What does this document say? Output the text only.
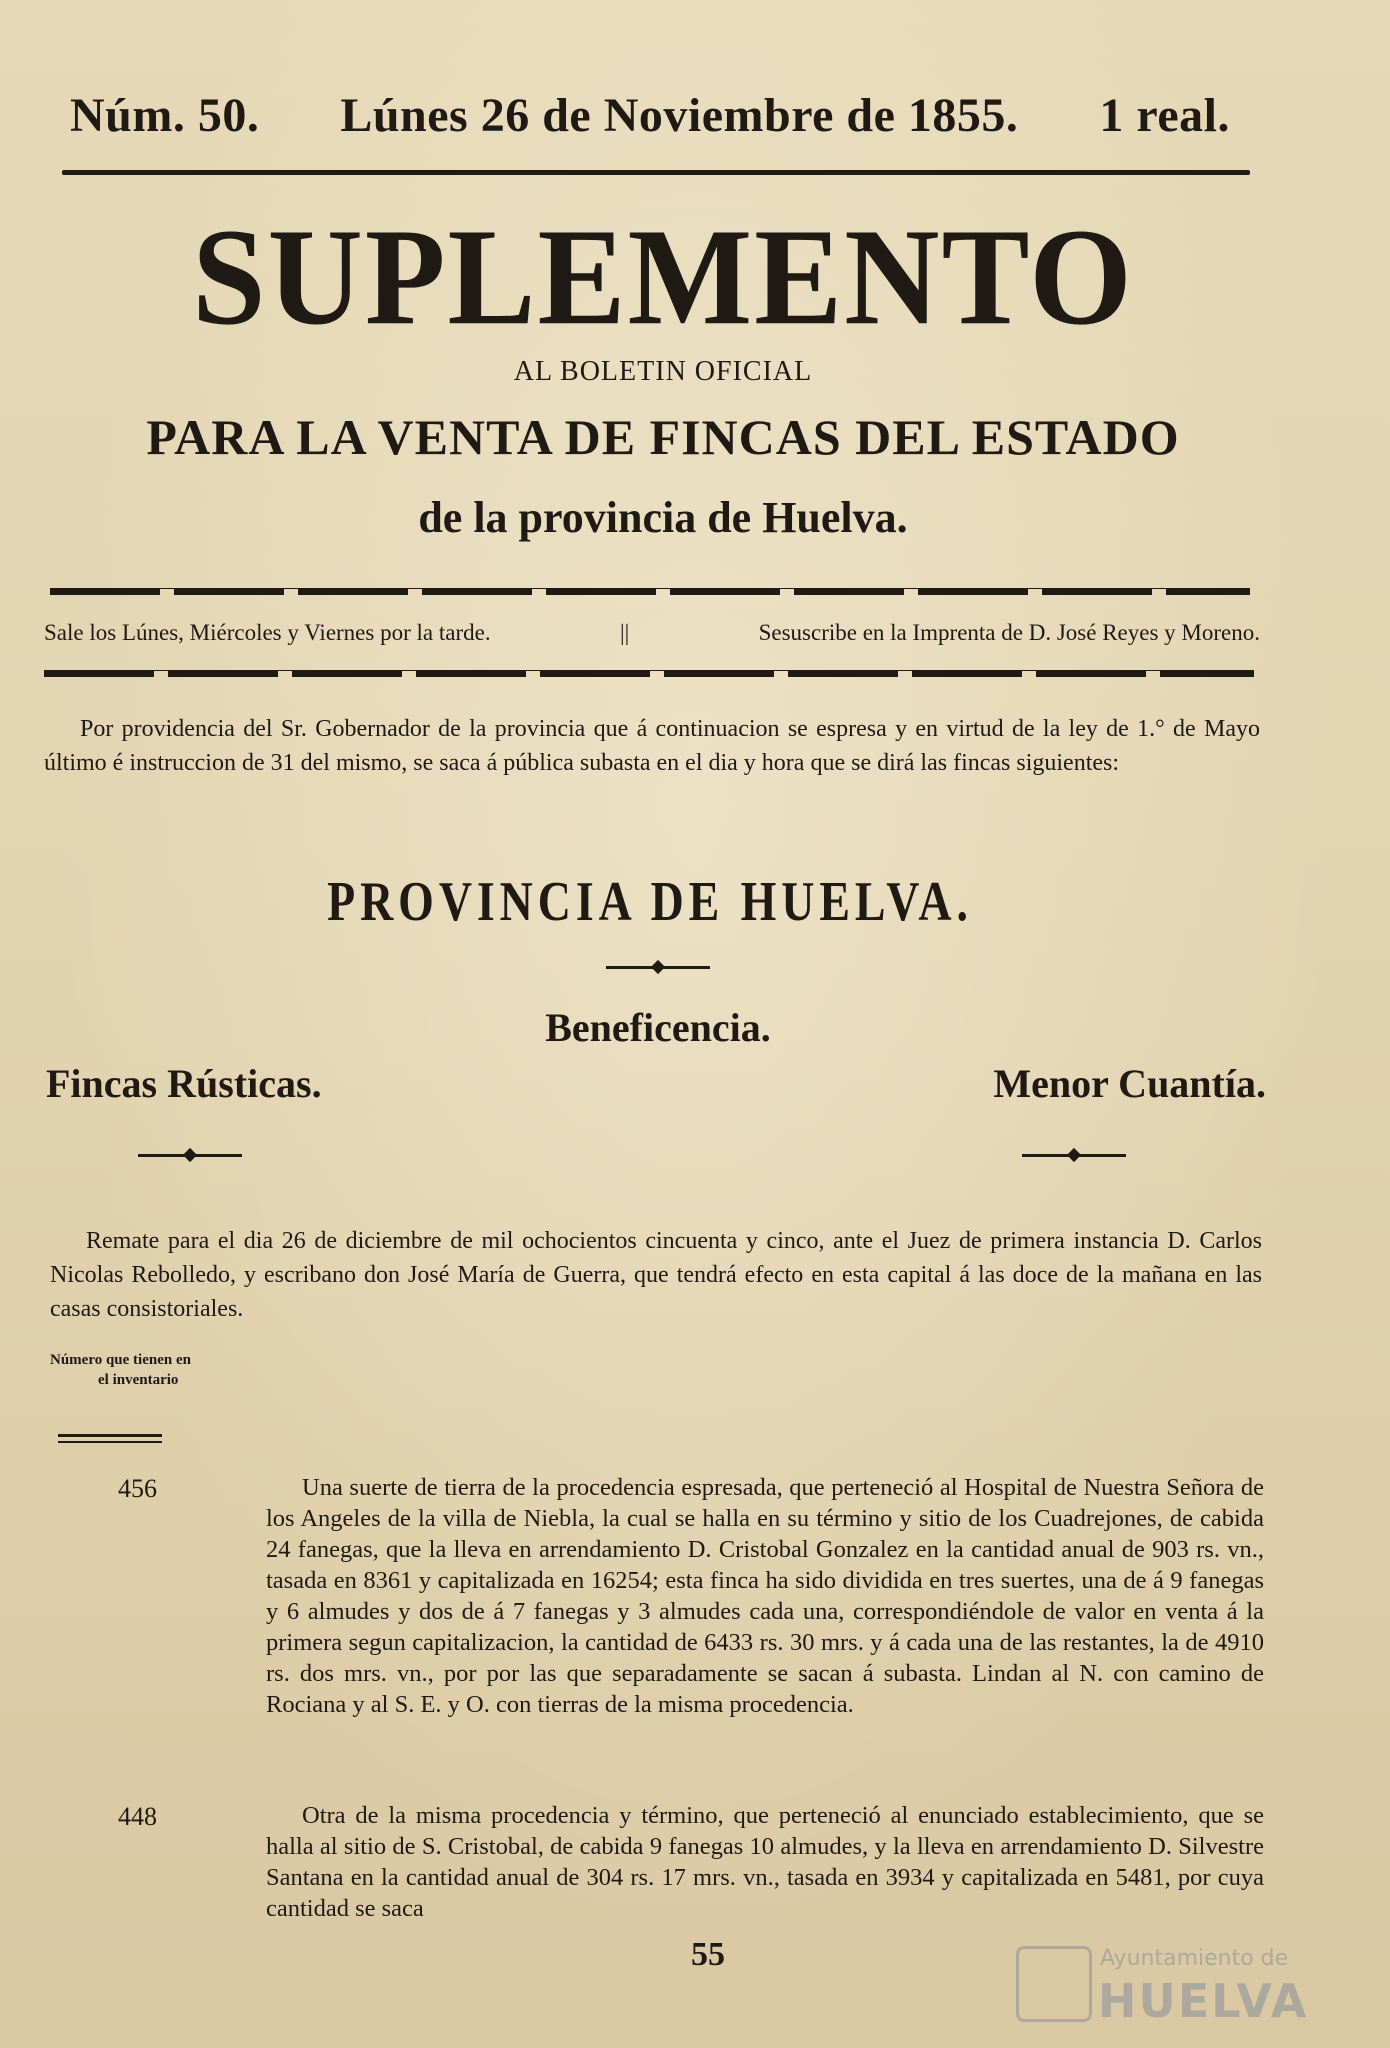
Núm. 50. Lúnes 26 de Noviembre de 1855. 1 real.
SUPLEMENTO
AL BOLETIN OFICIAL
PARA LA VENTA DE FINCAS DEL ESTADO
de la provincia de Huelva.
Sale los Lúnes, Miércoles y Viernes por la tarde.	||	Sesuscribe en la Imprenta de D. José Reyes y Moreno.
Por providencia del Sr. Gobernador de la provincia que á continuacion se espresa y en virtud de la ley de 1.° de Mayo último é instruccion de 31 del mismo, se saca á pública subasta en el dia y hora que se dirá las fincas siguientes:
PROVINCIA DE HUELVA.
Beneficencia.
Fincas Rústicas.	Menor Cuantía.
Remate para el dia 26 de diciembre de mil ochocientos cincuenta y cinco, ante el Juez de primera instancia D. Carlos Nicolas Rebolledo, y escribano don José María de Guerra, que tendrá efecto en esta capital á las doce de la mañana en las casas consistoriales.
Número que tienen en
el inventario
456	Una suerte de tierra de la procedencia espresada, que perteneció al Hospital de Nuestra Señora de los Angeles de la villa de Niebla, la cual se halla en su término y sitio de los Cuadrejones, de cabida 24 fanegas, que la lleva en arrendamiento D. Cristobal Gonzalez en la cantidad anual de 903 rs. vn., tasada en 8361 y capitalizada en 16254; esta finca ha sido dividida en tres suertes, una de á 9 fanegas y 6 almudes y dos de á 7 fanegas y 3 almudes cada una, correspondiéndole de valor en venta á la primera segun capitalizacion, la cantidad de 6433 rs. 30 mrs. y á cada una de las restantes, la de 4910 rs. dos mrs. vn., por por las que separadamente se sacan á subasta. Lindan al N. con camino de Rociana y al S. E. y O. con tierras de la misma procedencia.
448	Otra de la misma procedencia y término, que perteneció al enunciado establecimiento, que se halla al sitio de S. Cristobal, de cabida 9 fanegas 10 almudes, y la lleva en arrendamiento D. Silvestre Santana en la cantidad anual de 304 rs. 17 mrs. vn., tasada en 3934 y capitalizada en 5481, por cuya cantidad se saca
55	Ayuntamiento de
HUELVA
